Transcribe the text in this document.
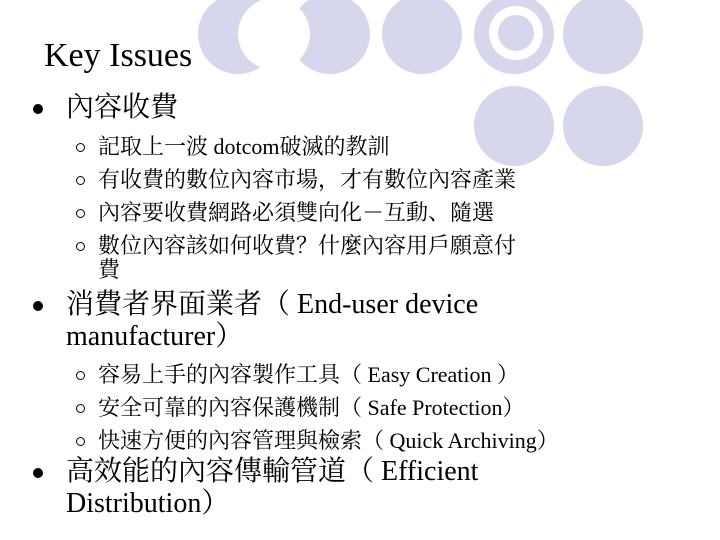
Key Issues
內容收費
記取上一波 dotcom破滅的教訓
有收費的數位內容市場，才有數位內容產業
內容要收費網路必須雙向化－互動、隨選
數位內容該如何收費？什麼內容用戶願意付
費
消費者界面業者（ End-user device
manufacturer）
容易上手的內容製作工具（ Easy Creation ）
安全可靠的內容保護機制（ Safe Protection）
快速方便的內容管理與檢索（ Quick Archiving）
高效能的內容傳輸管道（ Efficient
Distribution）
